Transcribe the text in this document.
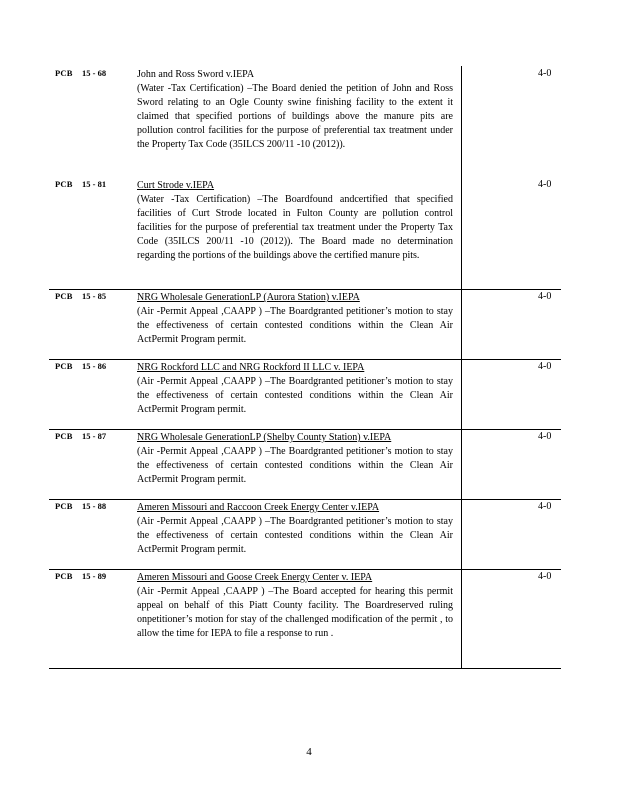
PCB 15 - 68	John and Ross Sword v.IEPA
(Water -Tax Certification) –The Board denied the petition of John and Ross Sword relating to an Ogle County swine finishing facility to the extent it claimed that specified portions of buildings above the manure pits are pollution control facilities for the purpose of preferential tax treatment under the Property Tax Code (35ILCS 200/11 -10 (2012)).
4-0
PCB 15 - 81	Curt Strode v.IEPA
(Water -Tax Certification) –The Boardfound andcertified that specified facilities of Curt Strode located in Fulton County are pollution control facilities for the purpose of preferential tax treatment under the Property Tax Code (35ILCS 200/11 -10 (2012)). The Board made no determination regarding the portions of the buildings above the certified manure pits.
4-0
PCB 15 - 85	NRG Wholesale GenerationLP (Aurora Station) v.IEPA
(Air -Permit Appeal ,CAAPP ) –The Boardgranted petitioner’s motion to stay the effectiveness of certain contested conditions within the Clean Air ActPermit Program permit.
4-0
PCB 15 - 86	NRG Rockford LLC and NRG Rockford II LLC v. IEPA
(Air -Permit Appeal ,CAAPP ) –The Boardgranted petitioner’s motion to stay the effectiveness of certain contested conditions within the Clean Air ActPermit Program permit.
4-0
PCB 15 - 87	NRG Wholesale GenerationLP (Shelby County Station) v.IEPA
(Air -Permit Appeal ,CAAPP ) –The Boardgranted petitioner’s motion to stay the effectiveness of certain contested conditions within the Clean Air ActPermit Program permit.
4-0
PCB 15 - 88	Ameren Missouri and Raccoon Creek Energy Center v.IEPA
(Air -Permit Appeal ,CAAPP ) –The Boardgranted petitioner’s motion to stay the effectiveness of certain contested conditions within the Clean Air ActPermit Program permit.
4-0
PCB 15 - 89	Ameren Missouri and Goose Creek Energy Center v. IEPA
(Air -Permit Appeal ,CAAPP ) –The Board accepted for hearing this permit appeal on behalf of this Piatt County facility. The Boardreserved ruling onpetitioner’s motion for stay of the challenged modification of the permit , to allow the time for IEPA to file a response to run .
4-0
4
